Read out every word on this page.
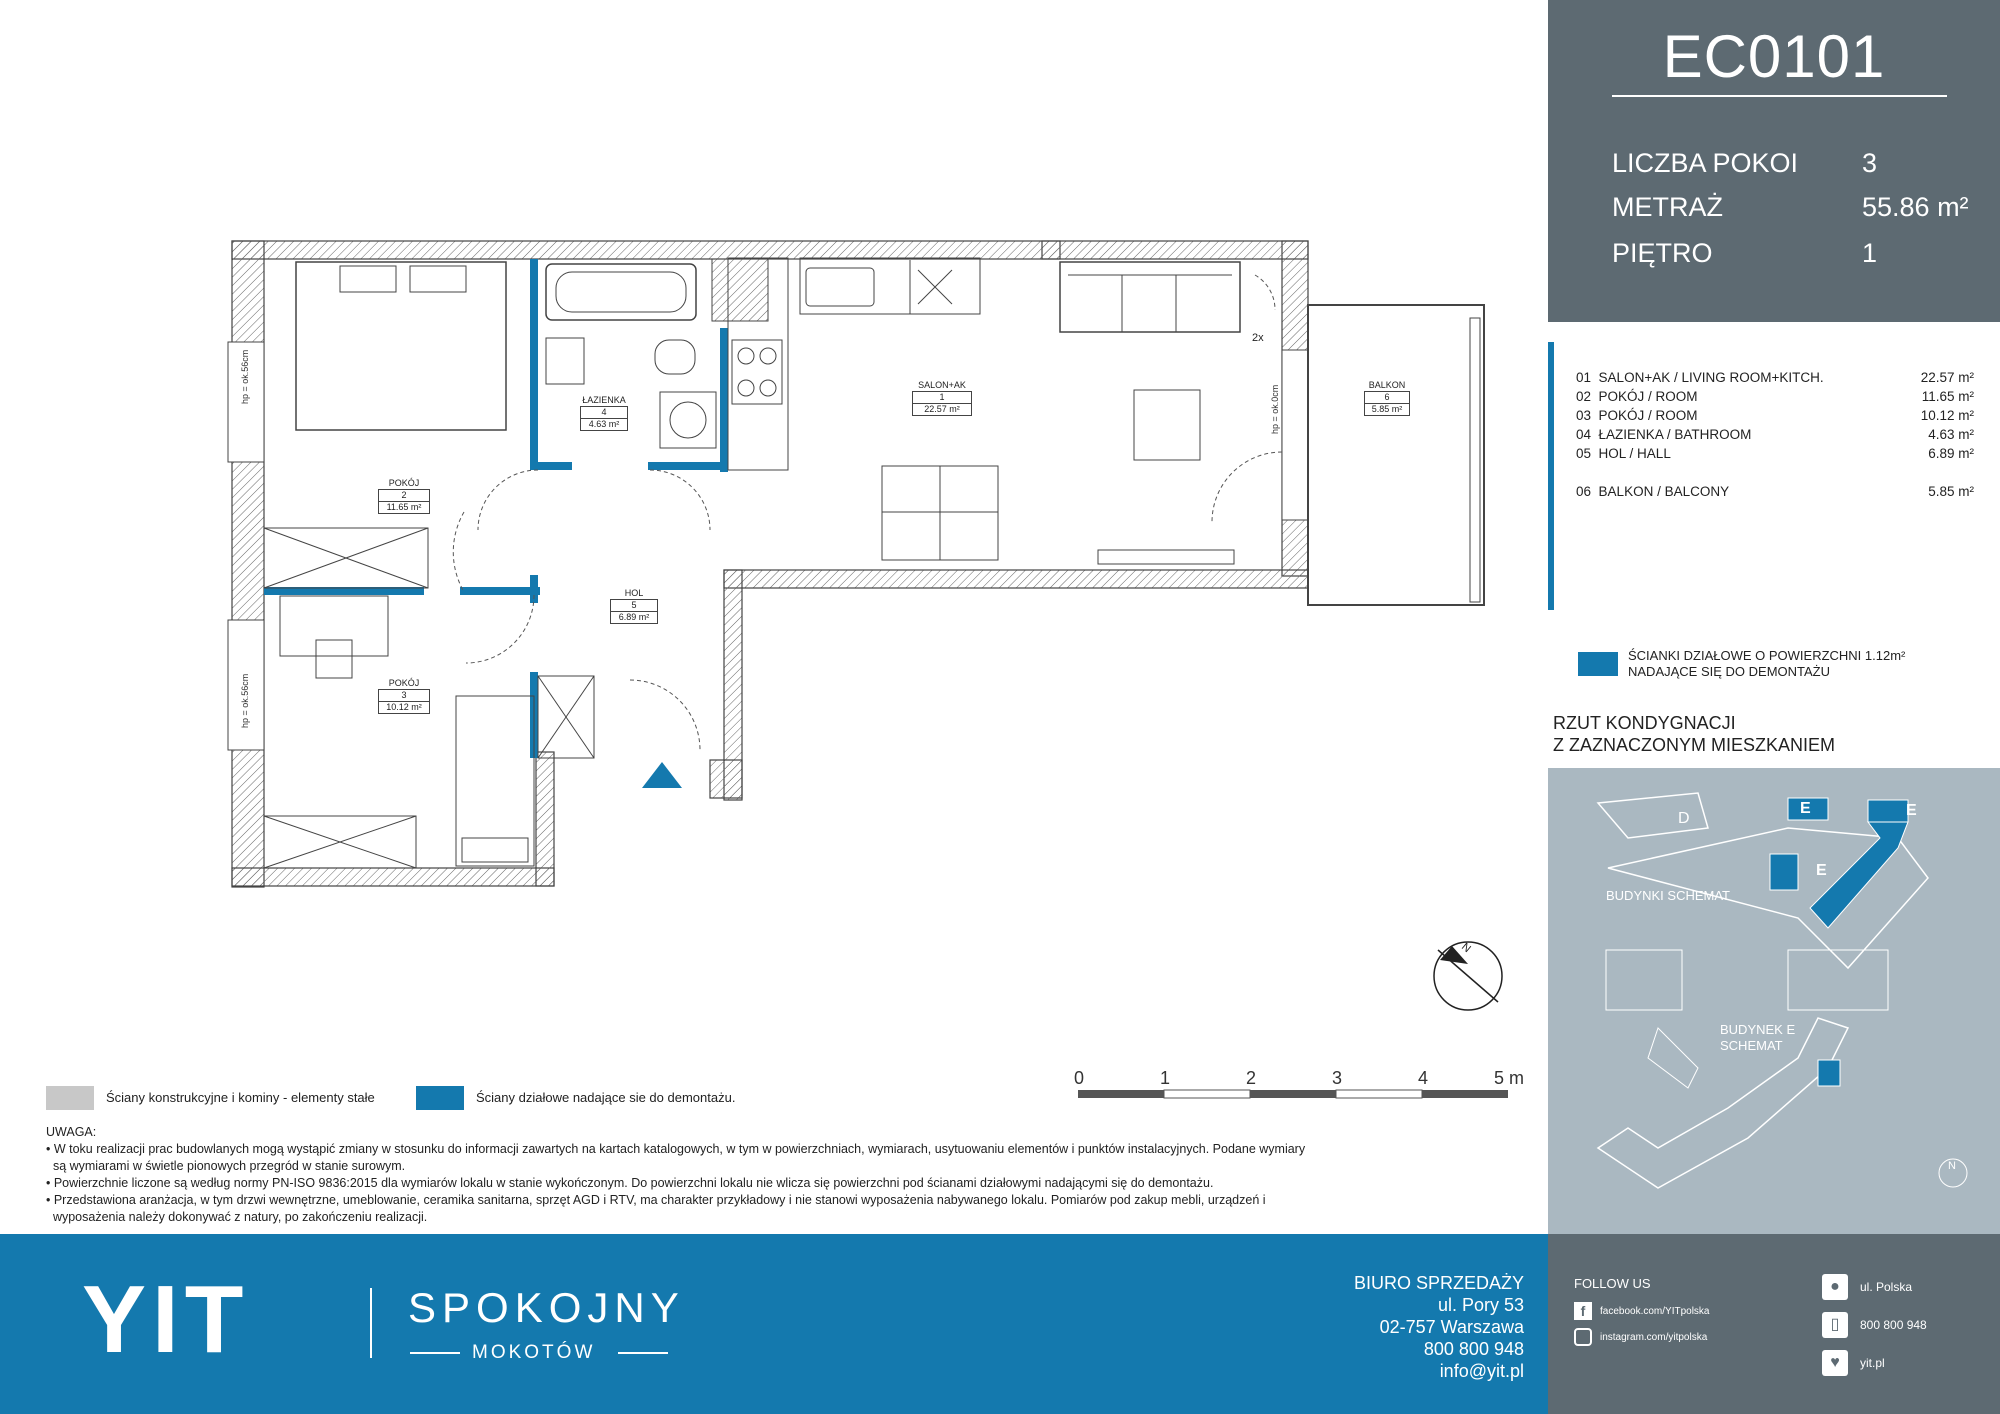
SALON+AK
1
22.57 m²
ŁAZIENKA
4
4.63 m²
POKÓJ
2
11.65 m²
POKÓJ
3
10.12 m²
HOL
5
6.89 m²
BALKON
6
5.85 m²
hp = ok.56cm
hp = ok.56cm
hp = ok.0cm
2x
N
0	1	2	3	4	5 m
Ściany konstrukcyjne i kominy - elementy stałe	Ściany działowe nadające sie do demontażu.
UWAGA:
• W toku realizacji prac budowlanych mogą wystąpić zmiany w stosunku do informacji zawartych na kartach katalogowych, w tym w powierzchniach, wymiarach, usytuowaniu elementów i punktów instalacyjnych. Podane wymiary
są wymiarami w świetle pionowych przegród w stanie surowym.
• Powierzchnie liczone są według normy PN-ISO 9836:2015 dla wymiarów lokalu w stanie wykończonym. Do powierzchni lokalu nie wlicza się powierzchni pod ścianami działowymi nadającymi się do demontażu.
• Przedstawiona aranżacja, w tym drzwi wewnętrzne, umeblowanie, ceramika sanitarna, sprzęt AGD i RTV, ma charakter przykładowy i nie stanowi wyposażenia nabywanego lokalu. Pomiarów pod zakup mebli, urządzeń i
wyposażenia należy dokonywać z natury, po zakończeniu realizacji.
EC0101
LICZBA POKOI 3
METRAŻ	55.86 m²
PIĘTRO	1
01 SALON+AK / LIVING ROOM+KITCH.	22.57 m²
02 POKÓJ / ROOM	11.65 m²
03 POKÓJ / ROOM	10.12 m²
04 ŁAZIENKA / BATHROOM	4.63 m²
05 HOL / HALL	6.89 m²
06 BALKON / BALCONY	5.85 m²
ŚCIANKI DZIAŁOWE O POWIERZCHNI 1.12m² NADAJĄCE SIĘ DO DEMONTAŻU
RZUT KONDYGNACJI
Z ZAZNACZONYM MIESZKANIEM
D
E	E
E
BUDYNKI SCHEMAT
BUDYNEK E
SCHEMAT
N
FOLLOW US
f	facebook.com/YITpolska
instagram.com/yitpolska
●	ul. Polska
▯	800 800 948
♥	yit.pl
YIT	SPOKOJNY
MOKOTÓW
BIURO SPRZEDAŻY
ul. Pory 53
02-757 Warszawa
800 800 948
info@yit.pl
